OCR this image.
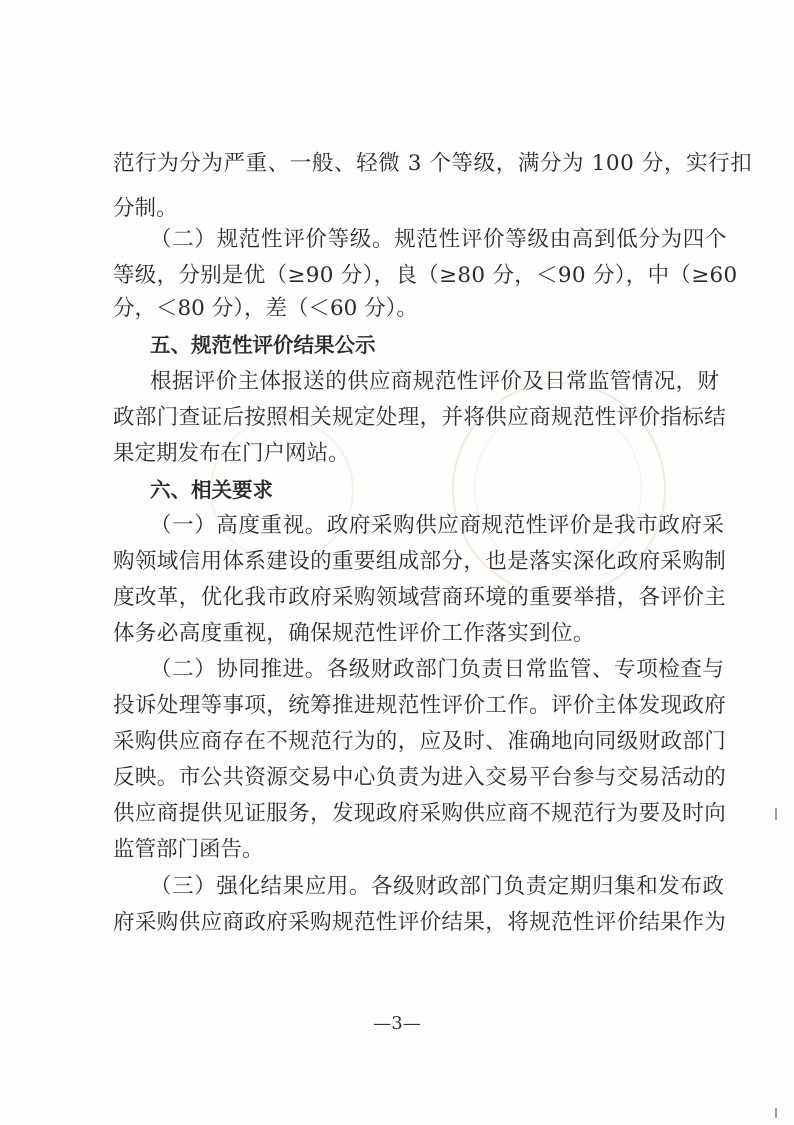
范行为分为严重、一般、轻微 3 个等级，满分为 100 分，实行扣
分制。
（二）规范性评价等级。规范性评价等级由高到低分为四个
等级，分别是优（≥90 分），良（≥80 分，＜90 分），中（≥60
分，＜80 分），差（＜60 分）。
五、规范性评价结果公示
根据评价主体报送的供应商规范性评价及日常监管情况，财
政部门查证后按照相关规定处理，并将供应商规范性评价指标结
果定期发布在门户网站。
六、相关要求
（一）高度重视。政府采购供应商规范性评价是我市政府采
购领域信用体系建设的重要组成部分，也是落实深化政府采购制
度改革，优化我市政府采购领域营商环境的重要举措，各评价主
体务必高度重视，确保规范性评价工作落实到位。
（二）协同推进。各级财政部门负责日常监管、专项检查与
投诉处理等事项，统筹推进规范性评价工作。评价主体发现政府
采购供应商存在不规范行为的，应及时、准确地向同级财政部门
反映。市公共资源交易中心负责为进入交易平台参与交易活动的
供应商提供见证服务，发现政府采购供应商不规范行为要及时向
监管部门函告。
（三）强化结果应用。各级财政部门负责定期归集和发布政
府采购供应商政府采购规范性评价结果，将规范性评价结果作为
—3—
